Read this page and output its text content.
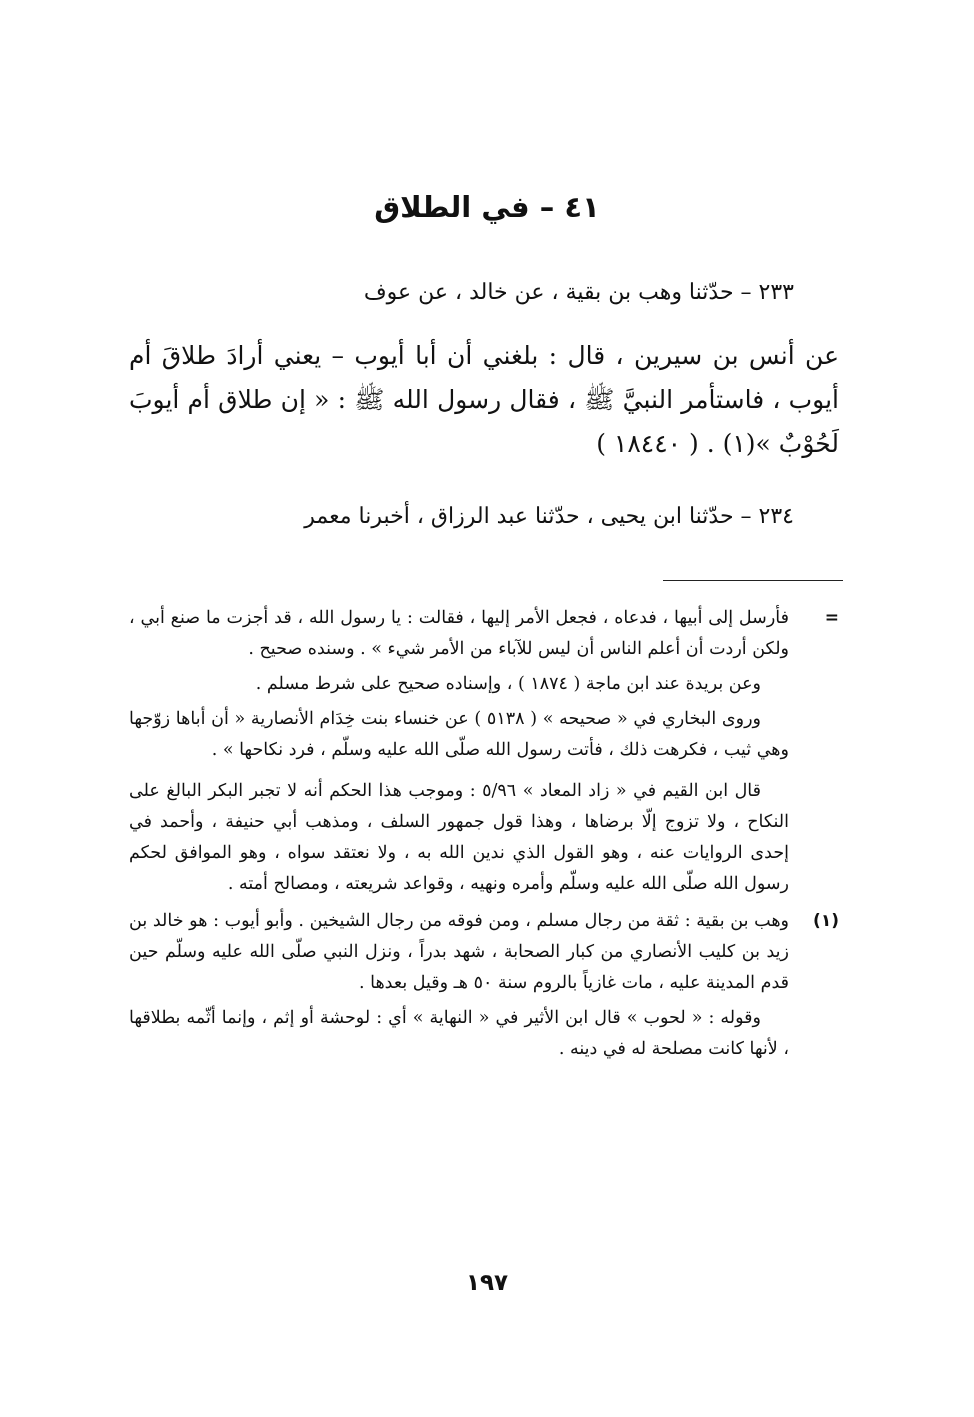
٤١ – في الطلاق
٢٣٣ – حدّثنا وهب بن بقية ، عن خالد ، عن عوف
عن أنس بن سيرين ، قال : بلغني أن أبا أيوب – يعني أرادَ طلاقَ أم أيوب ، فاستأمر النبيَّ ﷺ ، فقال رسول الله ﷺ : « إن طلاق أم أيوبَ لَحُوْبٌ »(١) . ( ١٨٤٤٠ )
٢٣٤ – حدّثنا ابن يحيى ، حدّثنا عبد الرزاق ، أخبرنا معمر
=

فأرسل إلى أبيها ، فدعاه ، فجعل الأمر إليها ، فقالت : يا رسول الله ، قد أجزت ما صنع أبي ، ولكن أردت أن أعلم الناس أن ليس للآباء من الأمر شيء » . وسنده صحيح .

وعن بريدة عند ابن ماجة ( ١٨٧٤ ) ، وإسناده صحيح على شرط مسلم .

وروى البخاري في « صحيحه » ( ٥١٣٨ ) عن خنساء بنت خِدَام الأنصارية « أن أباها زوّجها وهي ثيب ، فكرهت ذلك ، فأتت رسول الله صلّى الله عليه وسلّم ، فرد نكاحها » .

قال ابن القيم في « زاد المعاد » ٥/٩٦ : وموجب هذا الحكم أنه لا تجبر البكر البالغ على النكاح ، ولا تزوج إلّا برضاها ، وهذا قول جمهور السلف ، ومذهب أبي حنيفة ، وأحمد في إحدى الروايات عنه ، وهو القول الذي ندين الله به ، ولا نعتقد سواه ، وهو الموافق لحكم رسول الله صلّى الله عليه وسلّم وأمره ونهيه ، وقواعد شريعته ، ومصالح أمته .

(١)

وهب بن بقية : ثقة من رجال مسلم ، ومن فوقه من رجال الشيخين . وأبو أيوب : هو خالد بن زيد بن كليب الأنصاري من كبار الصحابة ، شهد بدراً ، ونزل النبي صلّى الله عليه وسلّم حين قدم المدينة عليه ، مات غازياً بالروم سنة ٥٠ هـ وقيل بعدها .

وقوله : « لحوب » قال ابن الأثير في « النهاية » أي : لوحشة أو إثم ، وإنما أثّمه بطلاقها ، لأنها كانت مصلحة له في دينه .

١٩٧
